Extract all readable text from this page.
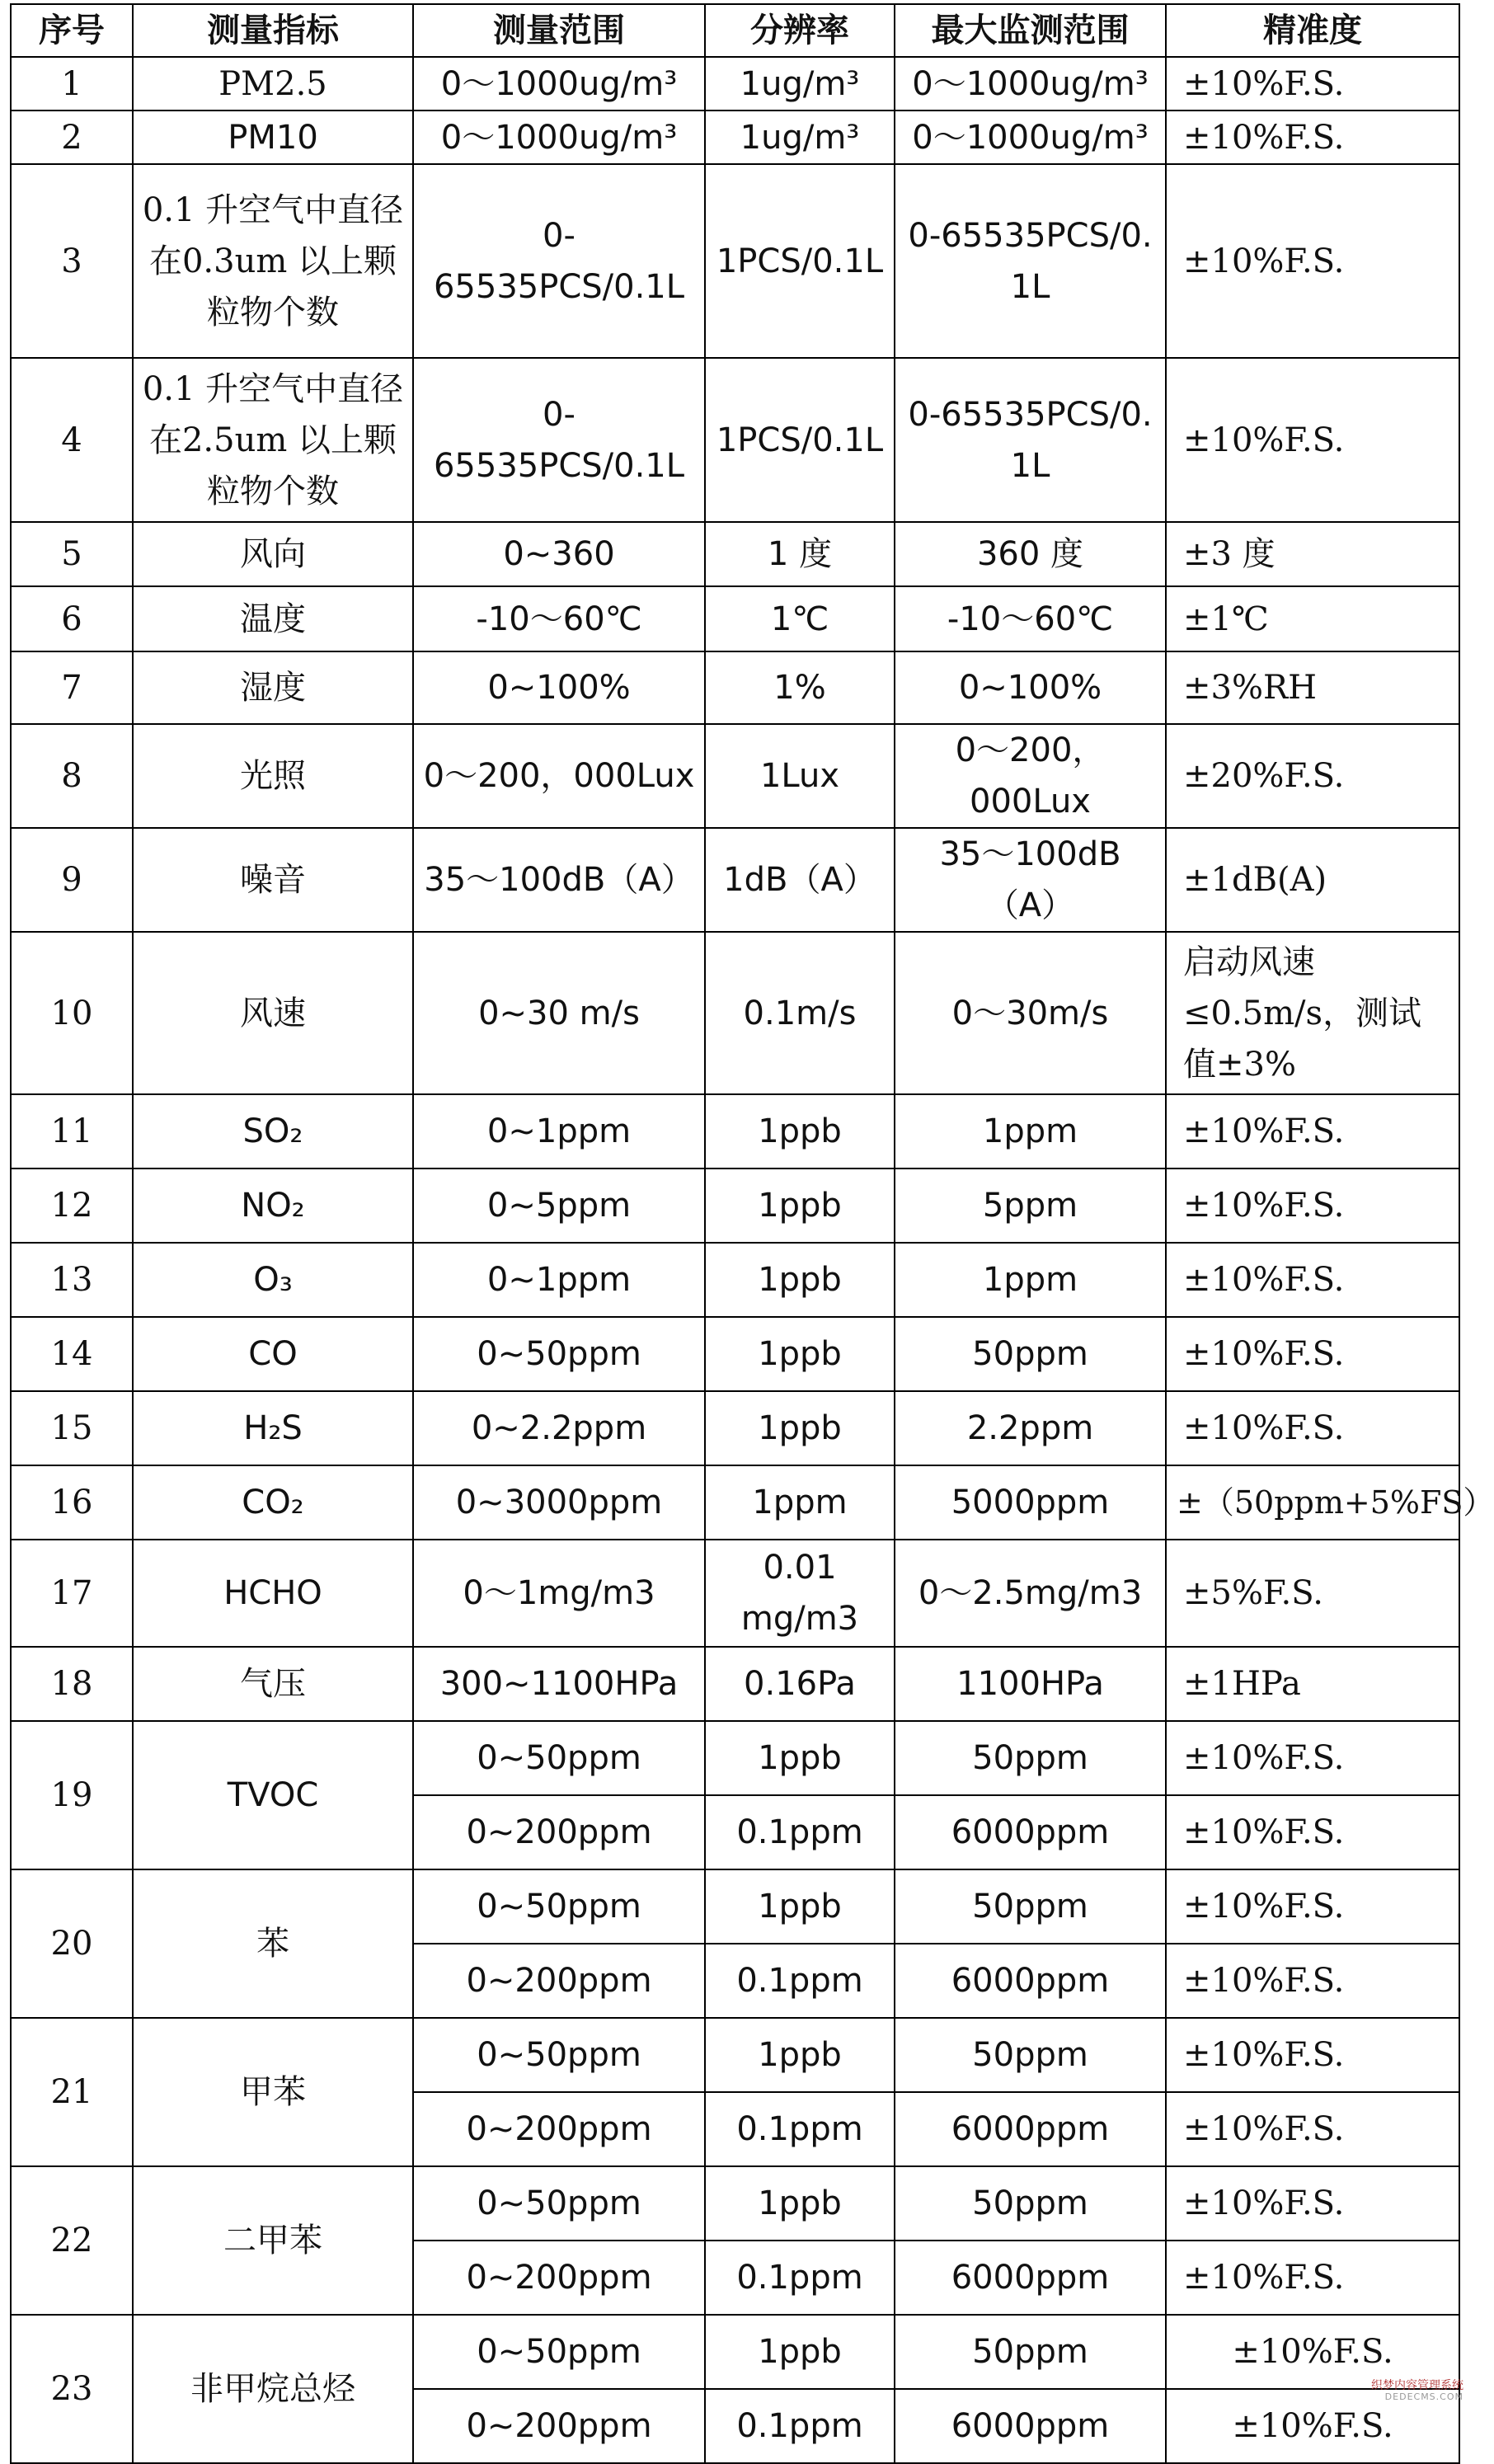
序号	测量指标	测量范围	分辨率	最大监测范围	精准度
1	PM2.5	0～1000ug/m³	1ug/m³	0～1000ug/m³	±10%F.S.
2	PM10	0～1000ug/m³	1ug/m³	0～1000ug/m³	±10%F.S.
3	0.1 升空气中直径在0.3um 以上颗粒物个数	0-65535PCS/0.1L	1PCS/0.1L	0-65535PCS/0.1L	±10%F.S.
4	0.1 升空气中直径在2.5um 以上颗粒物个数	0-65535PCS/0.1L	1PCS/0.1L	0-65535PCS/0.1L	±10%F.S.
5	风向	0~360	1 度	360 度	±3 度
6	温度	-10～60℃	1℃	-10～60℃	±1℃
7	湿度	0~100%	1%	0~100%	±3%RH
8	光照	0～200，000Lux	1Lux	0～200，000Lux	±20%F.S.
9	噪音	35～100dB（A）	1dB（A）	35～100dB（A）	±1dB(A)
10	风速	0~30 m/s	0.1m/s	0～30m/s	启动风速≤0.5m/s，测试值±3%
11	SO₂	0~1ppm	1ppb	1ppm	±10%F.S.
12	NO₂	0~5ppm	1ppb	5ppm	±10%F.S.
13	O₃	0~1ppm	1ppb	1ppm	±10%F.S.
14	CO	0~50ppm	1ppb	50ppm	±10%F.S.
15	H₂S	0~2.2ppm	1ppb	2.2ppm	±10%F.S.
16	CO₂	0~3000ppm	1ppm	5000ppm	±（50ppm+5%FS）
17	HCHO	0～1mg/m3	0.01 mg/m3	0～2.5mg/m3	±5%F.S.
18	气压	300~1100HPa	0.16Pa	1100HPa	±1HPa
19	TVOC	0~50ppm	1ppb	50ppm	±10%F.S.
		0~200ppm	0.1ppm	6000ppm	±10%F.S.
20	苯	0~50ppm	1ppb	50ppm	±10%F.S.
		0~200ppm	0.1ppm	6000ppm	±10%F.S.
21	甲苯	0~50ppm	1ppb	50ppm	±10%F.S.
		0~200ppm	0.1ppm	6000ppm	±10%F.S.
22	二甲苯	0~50ppm	1ppb	50ppm	±10%F.S.
		0~200ppm	0.1ppm	6000ppm	±10%F.S.
23	非甲烷总烃	0~50ppm	1ppb	50ppm	±10%F.S.
		0~200ppm	0.1ppm	6000ppm	±10%F.S.
织梦内容管理系统
DEDECMS.COM
